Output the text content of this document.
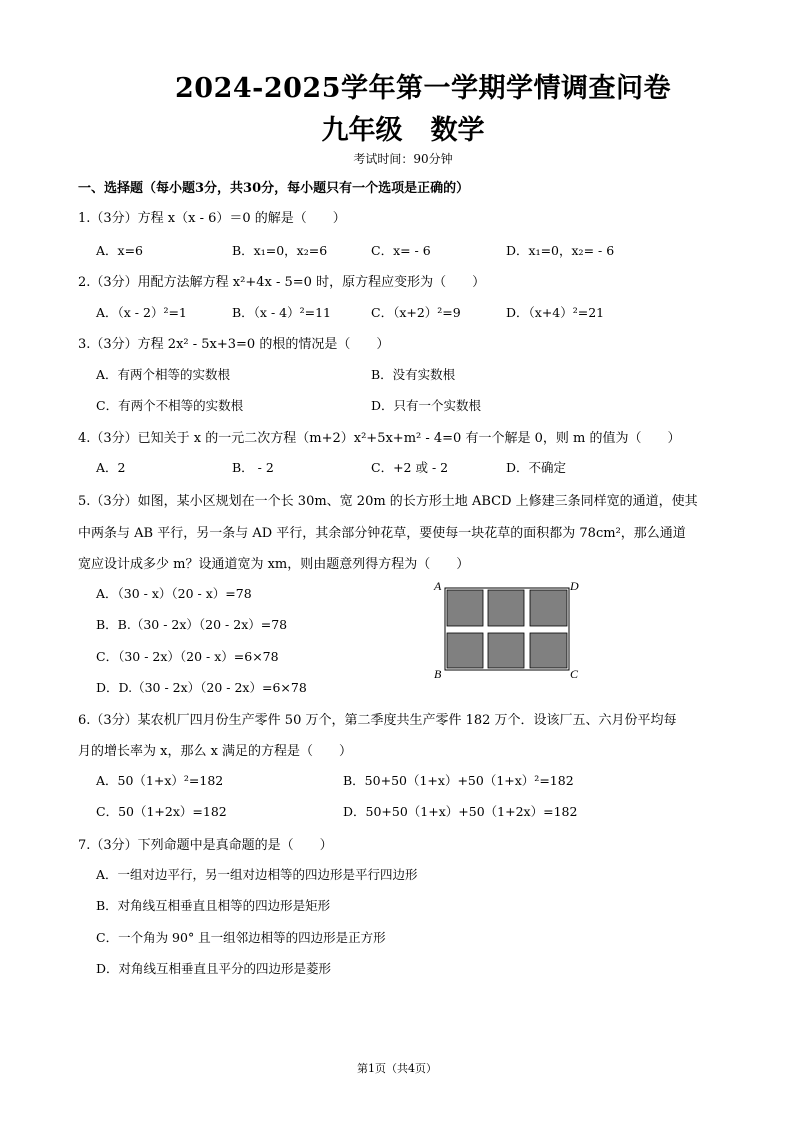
2024-2025学年第一学期学情调查问卷
九年级 数学
考试时间：90分钟
一、选择题（每小题3分，共30分，每小题只有一个选项是正确的）
1.（3分）方程 x（x - 6）＝0 的解是（　　）
A．x=6	B．x₁=0，x₂=6	C．x= - 6	D．x₁=0，x₂= - 6
2.（3分）用配方法解方程 x²+4x - 5=0 时，原方程应变形为（　　）
A．（x - 2）²=1	B．（x - 4）²=11	C．（x+2）²=9	D．（x+4）²=21
3.（3分）方程 2x² - 5x+3=0 的根的情况是（　　）
A．有两个相等的实数根	B．没有实数根
C．有两个不相等的实数根	D．只有一个实数根
4.（3分）已知关于 x 的一元二次方程（m+2）x²+5x+m² - 4=0 有一个解是 0，则 m 的值为（　　）
A．2	B． - 2	C．+2 或 - 2	D．不确定
5.（3分）如图，某小区规划在一个长 30m、宽 20m 的长方形土地 ABCD 上修建三条同样宽的通道，使其
中两条与 AB 平行，另一条与 AD 平行，其余部分钟花草，要使每一块花草的面积都为 78cm²，那么通道
宽应设计成多少 m？设通道宽为 xm，则由题意列得方程为（　　）
A．（30 - x）（20 - x）=78
B．B.（30 - 2x）（20 - 2x）=78
C．（30 - 2x）（20 - x）=6×78
D．D.（30 - 2x）（20 - 2x）=6×78
A	D
B	C
6.（3分）某农机厂四月份生产零件 50 万个，第二季度共生产零件 182 万个．设该厂五、六月份平均每
月的增长率为 x，那么 x 满足的方程是（　　）
A．50（1+x）²=182	B．50+50（1+x）+50（1+x）²=182
C．50（1+2x）=182	D．50+50（1+x）+50（1+2x）=182
7.（3分）下列命题中是真命题的是（　　）
A．一组对边平行，另一组对边相等的四边形是平行四边形
B．对角线互相垂直且相等的四边形是矩形
C．一个角为 90° 且一组邻边相等的四边形是正方形
D．对角线互相垂直且平分的四边形是菱形
第1页（共4页）
